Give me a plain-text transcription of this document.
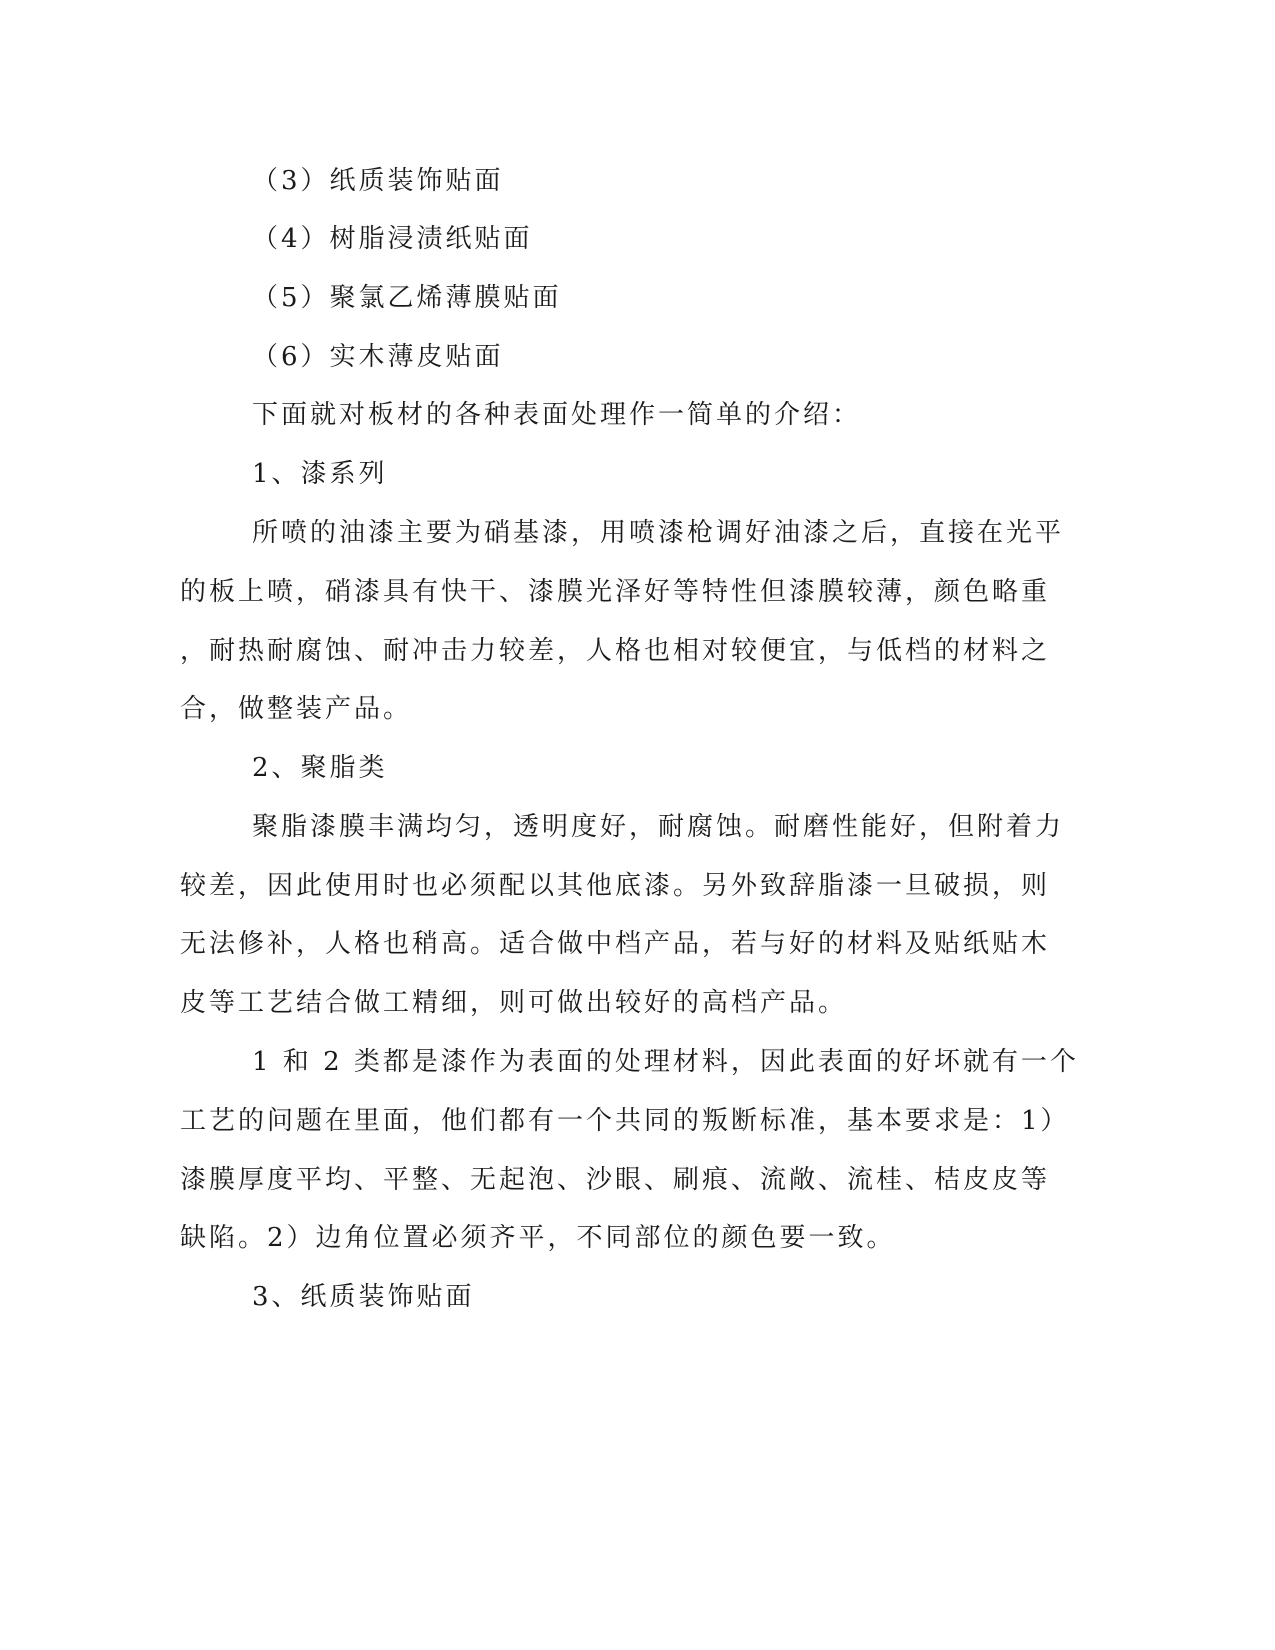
（3）纸质装饰贴面
（4）树脂浸渍纸贴面
（5）聚氯乙烯薄膜贴面
（6）实木薄皮贴面
下面就对板材的各种表面处理作一简单的介绍：
1、漆系列
所喷的油漆主要为硝基漆，用喷漆枪调好油漆之后，直接在光平
的板上喷，硝漆具有快干、漆膜光泽好等特性但漆膜较薄，颜色略重
，耐热耐腐蚀、耐冲击力较差，人格也相对较便宜，与低档的材料之
合，做整装产品。
2、聚脂类
聚脂漆膜丰满均匀，透明度好，耐腐蚀。耐磨性能好，但附着力
较差，因此使用时也必须配以其他底漆。另外致辞脂漆一旦破损，则
无法修补，人格也稍高。适合做中档产品，若与好的材料及贴纸贴木
皮等工艺结合做工精细，则可做出较好的高档产品。
1 和 2 类都是漆作为表面的处理材料，因此表面的好坏就有一个
工艺的问题在里面，他们都有一个共同的叛断标准，基本要求是：1）
漆膜厚度平均、平整、无起泡、沙眼、刷痕、流敞、流桂、桔皮皮等
缺陷。2）边角位置必须齐平，不同部位的颜色要一致。
3、纸质装饰贴面
